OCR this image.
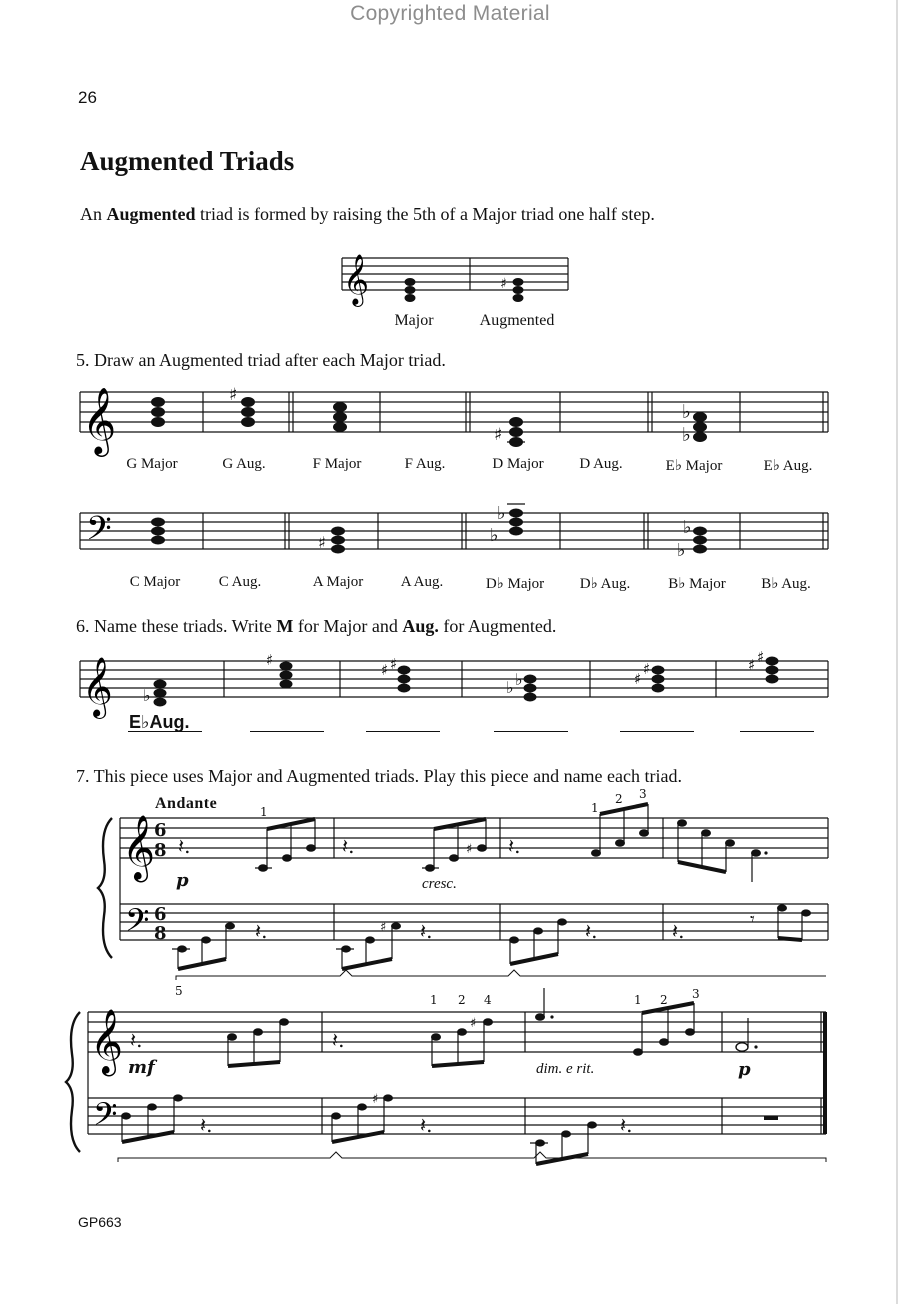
Copyrighted Material
26
Augmented Triads
An Augmented triad is formed by raising the 5th of a Major triad one half step.
𝄞	♯
Major	Augmented
5. Draw an Augmented triad after each Major triad.
𝄞	♯
♯
♭
♭
G Major	G Aug.	F Major	F Aug.	D Major	D Aug.	E♭ Major	E♭ Aug.
𝄢	♯
♭
♭	♭
♭
C Major	C Aug.	A Major	A Aug.	D♭ Major	D♭ Aug.	B♭ Major	B♭ Aug.
6. Name these triads. Write M for Major and Aug. for Augmented.
𝄞 ♭
♯
♯ ♯
♭ ♭	♯
♯	♯ ♯
E♭Aug.
7. This piece uses Major and Augmented triads. Play this piece and name each triad.
Andante
𝄞
𝄢
6
8
6
8
𝄽.
1
𝄽.	♯ 𝄽.
1
2 3
𝄽.	♯ 𝄽.	𝄽.	𝄽.	𝄾
5
p	cresc.
𝄞
𝄢
𝄽.	𝄽.
♯
1 2 4	1 2 3
𝄽.
♯
𝄽.	𝄽.
mf	p
dim. e rit.
GP663
